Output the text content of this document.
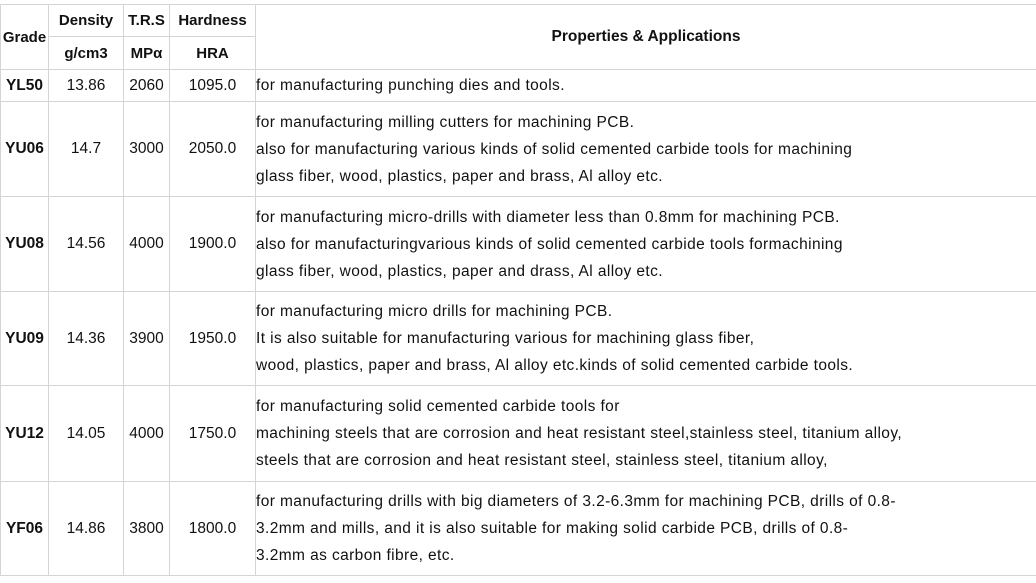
Grade	Density	T.R.S	Hardness	Properties & Applications
	g/cm3	MPα	HRA	
YL50	13.86	2060	1095.0	for manufacturing punching dies and tools.

YU06	14.7	3000	2050.0	for manufacturing milling cutters for machining PCB.
also for manufacturing various kinds of solid cemented carbide tools for machining
glass fiber, wood, plastics, paper and brass, Al alloy etc.

YU08	14.56	4000	1900.0	for manufacturing micro-drills with diameter less than 0.8mm for machining PCB.
also for manufacturingvarious kinds of solid cemented carbide tools formachining
glass fiber, wood, plastics, paper and drass, Al alloy etc.

YU09	14.36	3900	1950.0	for manufacturing micro drills for machining PCB.
It is also suitable for manufacturing various for machining glass fiber,
wood, plastics, paper and brass, Al alloy etc.kinds of solid cemented carbide tools.

YU12	14.05	4000	1750.0	for manufacturing solid cemented carbide tools for
machining steels that are corrosion and heat resistant steel,stainless steel, titanium alloy,
steels that are corrosion and heat resistant steel, stainless steel, titanium alloy,

YF06	14.86	3800	1800.0	for manufacturing drills with big diameters of 3.2-6.3mm for machining PCB, drills of 0.8-
3.2mm and mills, and it is also suitable for making solid carbide PCB, drills of 0.8-
3.2mm as carbon fibre, etc.
